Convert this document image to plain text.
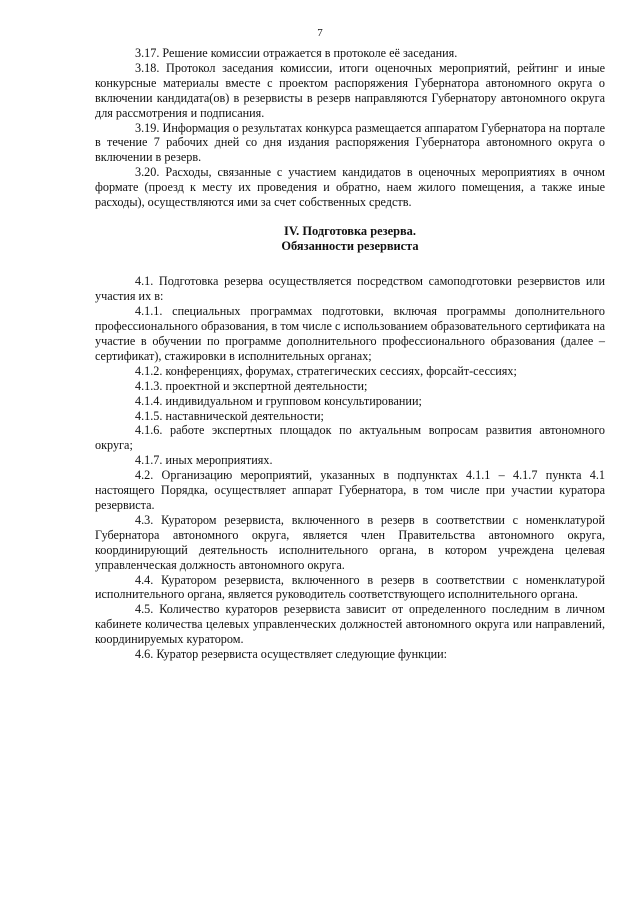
7

3.17. Решение комиссии отражается в протоколе её заседания.

3.18. Протокол заседания комиссии, итоги оценочных мероприятий, рейтинг и иные конкурсные материалы вместе с проектом распоряжения Губернатора автономного округа о включении кандидата(ов) в резервисты в резерв направляются Губернатору автономного округа для рассмотрения и подписания.

3.19. Информация о результатах конкурса размещается аппаратом Губернатора на портале в течение 7 рабочих дней со дня издания распоряжения Губернатора автономного округа о включении в резерв.

3.20. Расходы, связанные с участием кандидатов в оценочных мероприятиях в очном формате (проезд к месту их проведения и обратно, наем жилого помещения, а также иные расходы), осуществляются ими за счет собственных средств.

IV. Подготовка резерва.
Обязанности резервиста

4.1. Подготовка резерва осуществляется посредством самоподготовки резервистов или участия их в:

4.1.1. специальных программах подготовки, включая программы дополнительного профессионального образования, в том числе с использованием образовательного сертификата на участие в обучении по программе дополнительного профессионального образования (далее – сертификат), стажировки в исполнительных органах;

4.1.2. конференциях, форумах, стратегических сессиях, форсайт-сессиях;

4.1.3. проектной и экспертной деятельности;

4.1.4. индивидуальном и групповом консультировании;

4.1.5. наставнической деятельности;

4.1.6. работе экспертных площадок по актуальным вопросам развития автономного округа;

4.1.7. иных мероприятиях.

4.2. Организацию мероприятий, указанных в подпунктах 4.1.1 – 4.1.7 пункта 4.1 настоящего Порядка, осуществляет аппарат Губернатора, в том числе при участии куратора резервиста.

4.3. Куратором резервиста, включенного в резерв в соответствии с номенклатурой Губернатора автономного округа, является член Правительства автономного округа, координирующий деятельность исполнительного органа, в котором учреждена целевая управленческая должность автономного округа.

4.4. Куратором резервиста, включенного в резерв в соответствии с номенклатурой исполнительного органа, является руководитель соответствующего исполнительного органа.

4.5. Количество кураторов резервиста зависит от определенного последним в личном кабинете количества целевых управленческих должностей автономного округа или направлений, координируемых куратором.

4.6. Куратор резервиста осуществляет следующие функции:
